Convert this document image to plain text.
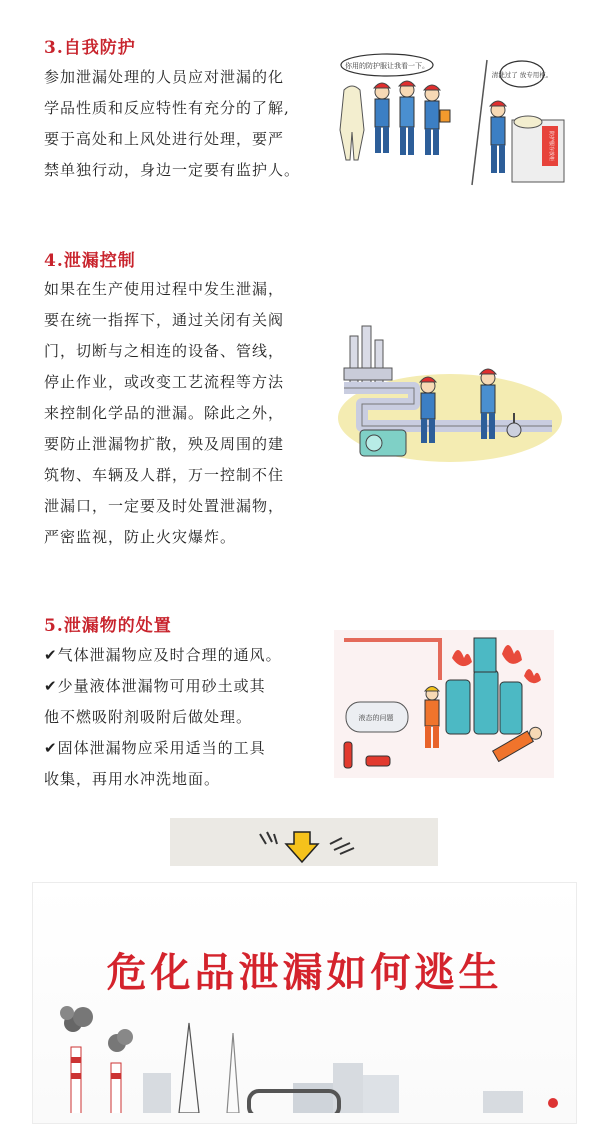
3.自我防护
参加泄漏处理的人员应对泄漏的化
学品性质和反应特性有充分的了解,
要于高处和上风处进行处理，要严
禁单独行动，身边一定要有监护人。
你用的防护服让我看一下。
清洗过了 放专用柜。
防护服存放柜
4.泄漏控制
如果在生产使用过程中发生泄漏，
要在统一指挥下，通过关闭有关阀
门，切断与之相连的设备、管线，
停止作业，或改变工艺流程等方法
来控制化学品的泄漏。除此之外，
要防止泄漏物扩散，殃及周围的建
筑物、车辆及人群，万一控制不住
泄漏口，一定要及时处置泄漏物，
严密监视，防止火灾爆炸。
5.泄漏物的处置
✔气体泄漏物应及时合理的通风。
✔少量液体泄漏物可用砂土或其
他不燃吸附剂吸附后做处理。
✔固体泄漏物应采用适当的工具
收集，再用水冲洗地面。
液态的问题
危化品泄漏如何逃生
